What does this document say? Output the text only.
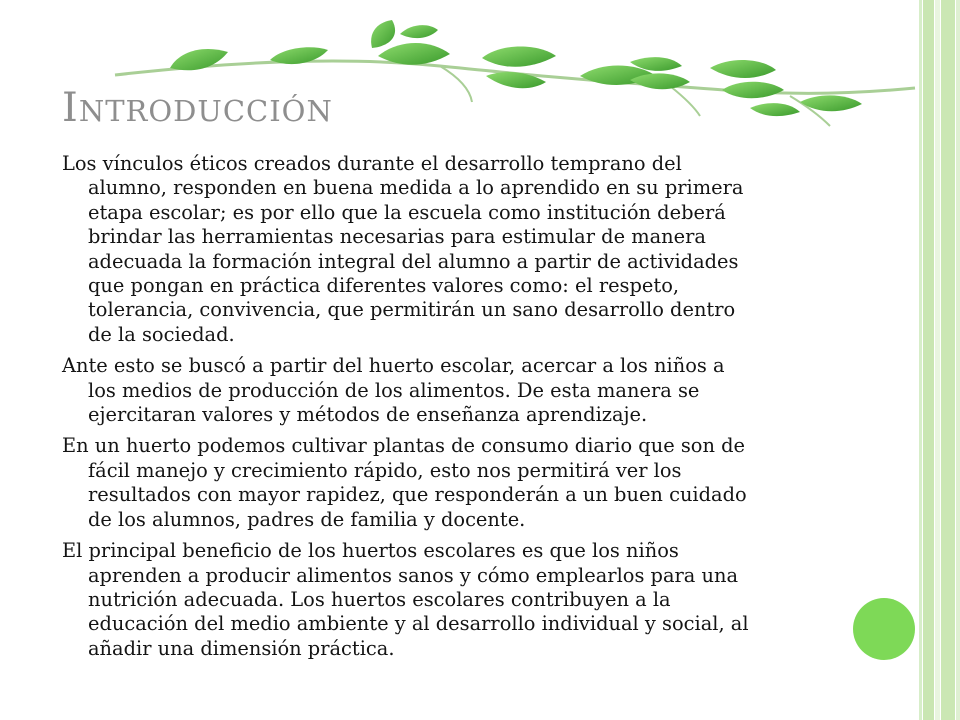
INTRODUCCIÓN

Los vínculos éticos creados durante el desarrollo temprano del
alumno, responden en buena medida a lo aprendido en su primera
etapa escolar; es por ello que la escuela como institución deberá
brindar las herramientas necesarias para estimular de manera
adecuada la formación integral del alumno a partir de actividades
que pongan en práctica diferentes valores como: el respeto,
tolerancia, convivencia, que permitirán un sano desarrollo dentro
de la sociedad.

Ante esto se buscó a partir del huerto escolar, acercar a los niños a
los medios de producción de los alimentos. De esta manera se
ejercitaran valores y métodos de enseñanza aprendizaje.

En un huerto podemos cultivar plantas de consumo diario que son de
fácil manejo y crecimiento rápido, esto nos permitirá ver los
resultados con mayor rapidez, que responderán a un buen cuidado
de los alumnos, padres de familia y docente.

El principal beneficio de los huertos escolares es que los niños
aprenden a producir alimentos sanos y cómo emplearlos para una
nutrición adecuada. Los huertos escolares contribuyen a la
educación del medio ambiente y al desarrollo individual y social, al
añadir una dimensión práctica.
